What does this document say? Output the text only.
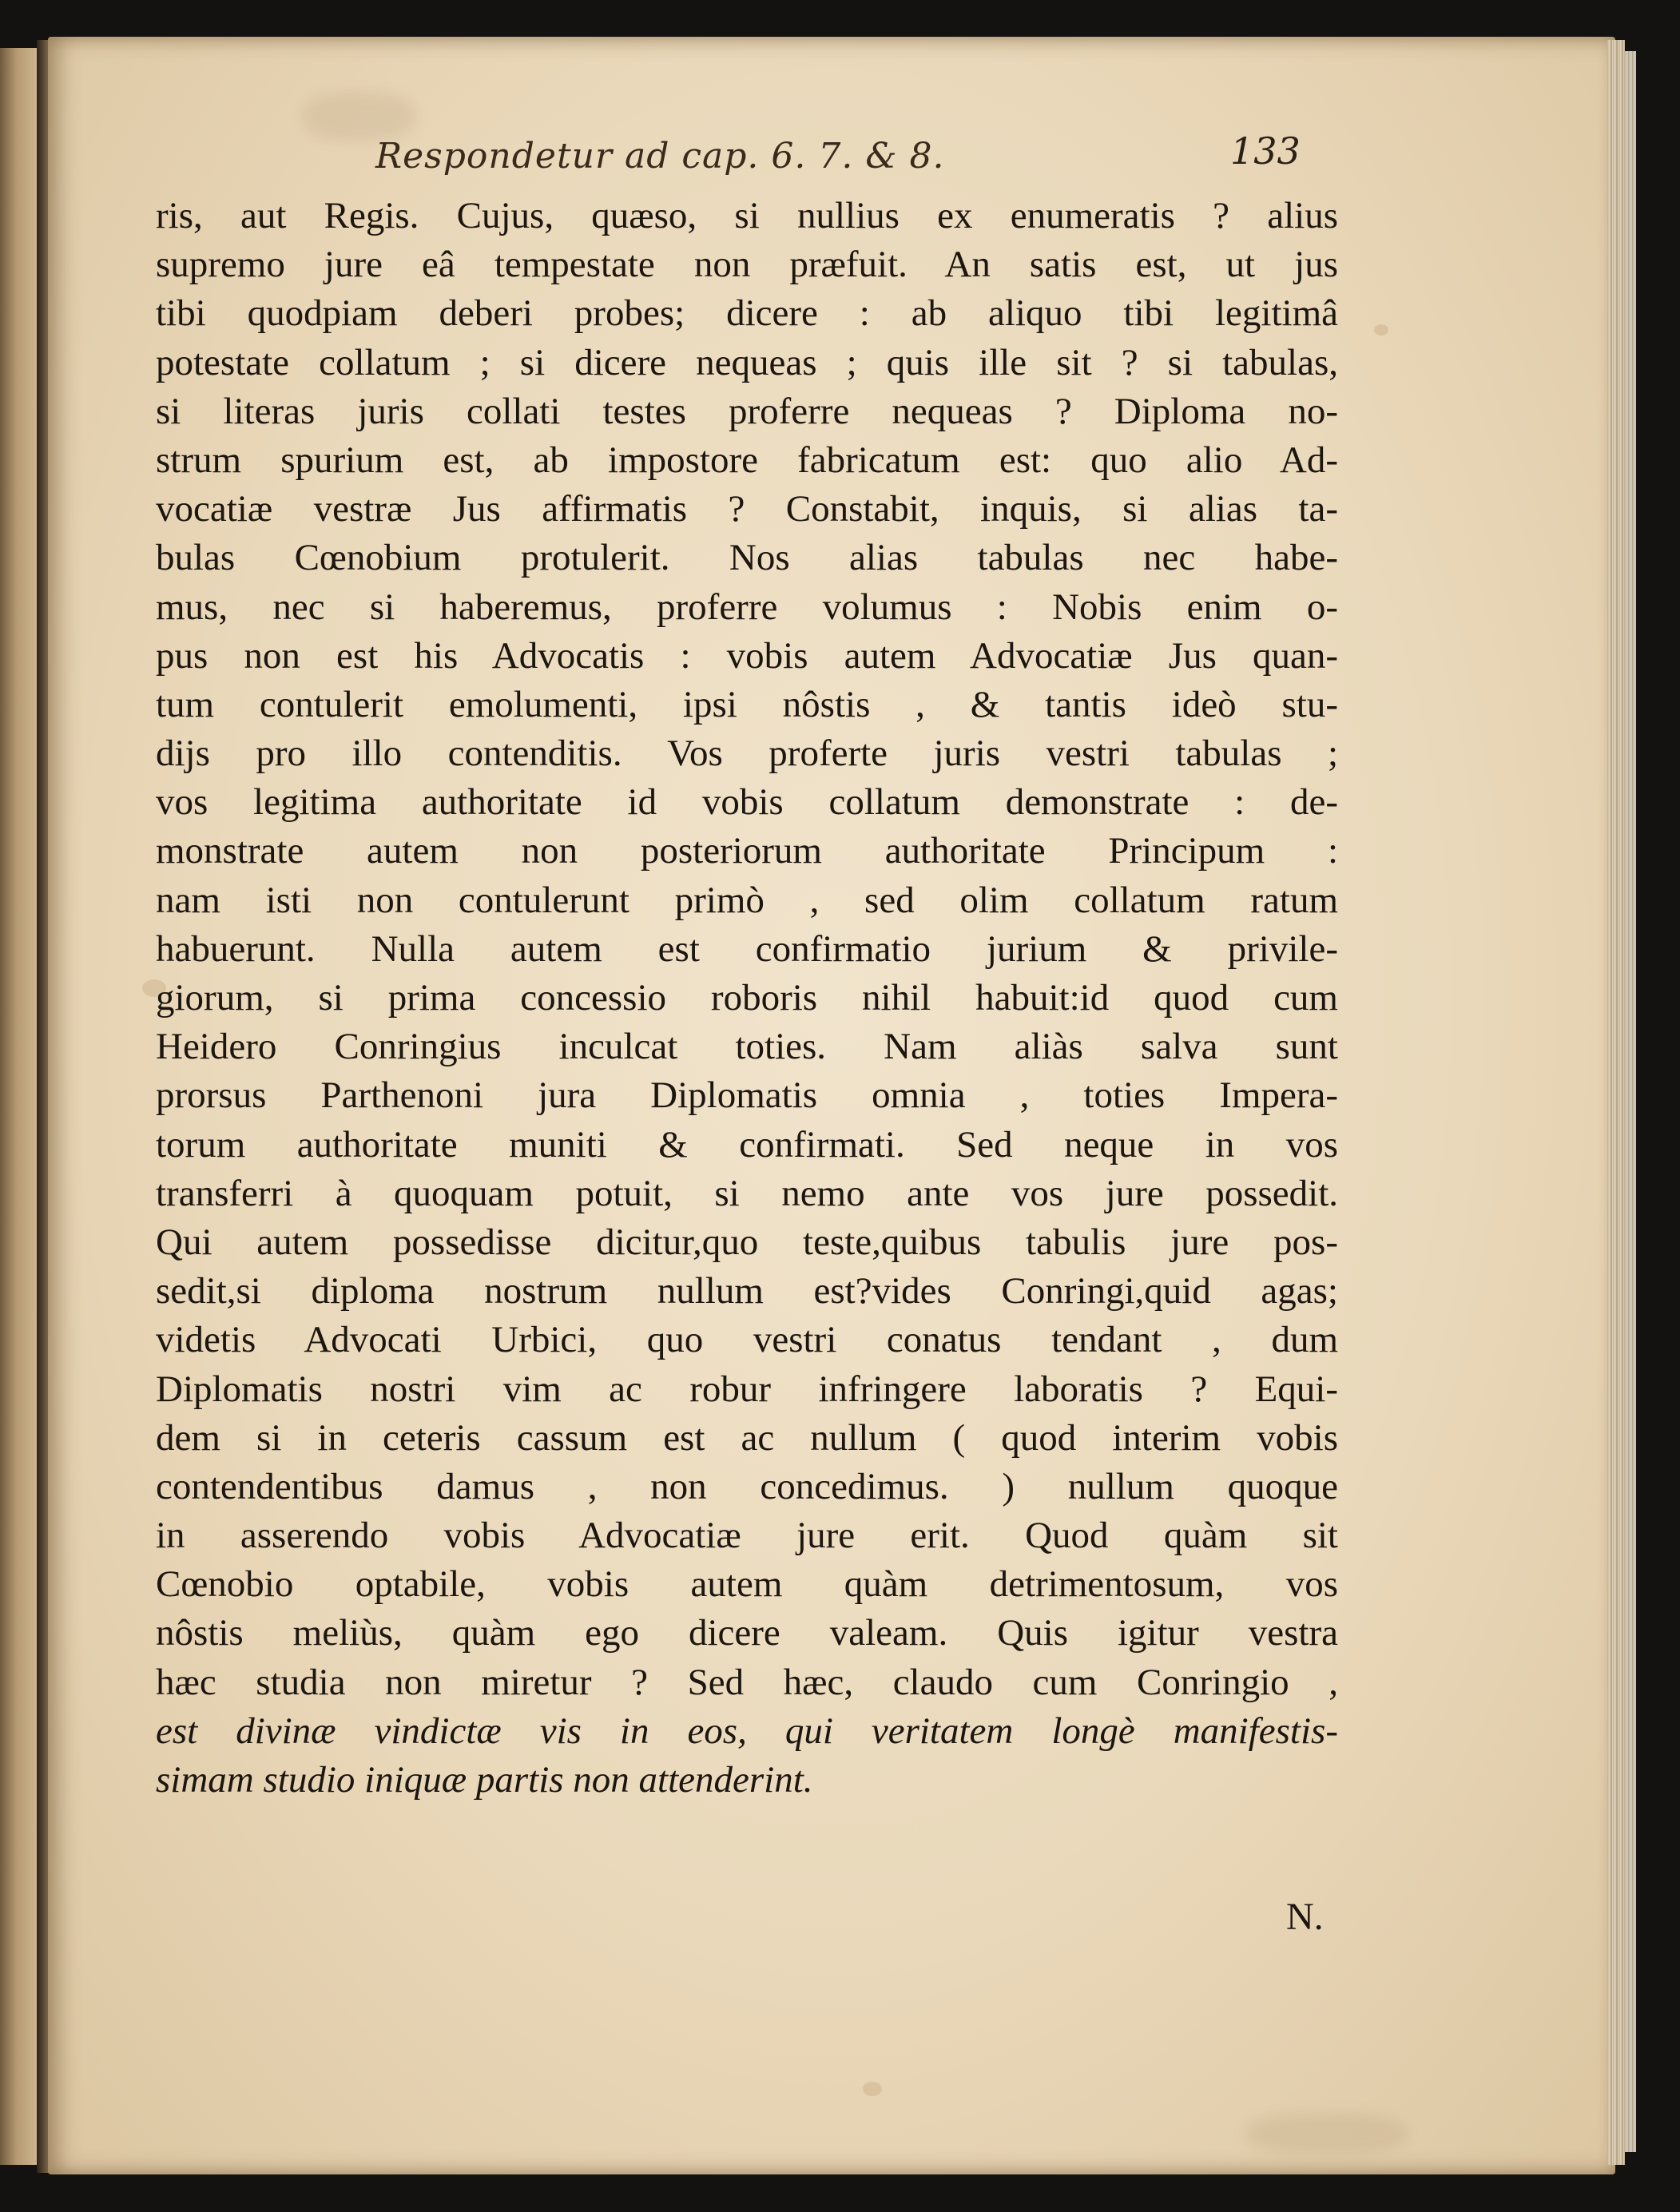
Respondetur ad cap. 6. 7. & 8.	133
ris, aut Regis. Cujus, quæso, si nullius ex enumeratis ? alius
supremo jure eâ tempestate non præfuit. An satis est, ut jus
tibi quodpiam deberi probes; dicere : ab aliquo tibi legitimâ
potestate collatum ; si dicere nequeas ; quis ille sit ? si tabulas,
si literas juris collati testes proferre nequeas ? Diploma no-
strum spurium est, ab impostore fabricatum est: quo alio Ad-
vocatiæ vestræ Jus affirmatis ? Constabit, inquis, si alias ta-
bulas Cœnobium protulerit. Nos alias tabulas nec habe-
mus, nec si haberemus, proferre volumus : Nobis enim o-
pus non est his Advocatis : vobis autem Advocatiæ Jus quan-
tum contulerit emolumenti, ipsi nôstis , & tantis ideò stu-
dijs pro illo contenditis. Vos proferte juris vestri tabulas ;
vos legitima authoritate id vobis collatum demonstrate : de-
monstrate autem non posteriorum authoritate Principum :
nam isti non contulerunt primò , sed olim collatum ratum
habuerunt. Nulla autem est confirmatio jurium & privile-
giorum, si prima concessio roboris nihil habuit:id quod cum
Heidero Conringius inculcat toties. Nam aliàs salva sunt
prorsus Parthenoni jura Diplomatis omnia , toties Impera-
torum authoritate muniti & confirmati. Sed neque in vos
transferri à quoquam potuit, si nemo ante vos jure possedit.
Qui autem possedisse dicitur,quo teste,quibus tabulis jure pos-
sedit,si diploma nostrum nullum est?vides Conringi,quid agas;
videtis Advocati Urbici, quo vestri conatus tendant , dum
Diplomatis nostri vim ac robur infringere laboratis ? Equi-
dem si in ceteris cassum est ac nullum ( quod interim vobis
contendentibus damus , non concedimus. ) nullum quoque
in asserendo vobis Advocatiæ jure erit. Quod quàm sit
Cœnobio optabile, vobis autem quàm detrimentosum, vos
nôstis meliùs, quàm ego dicere valeam. Quis igitur vestra
hæc studia non miretur ? Sed hæc, claudo cum Conringio ,
est divinæ vindictæ vis in eos, qui veritatem longè manifestis-
simam studio iniquæ partis non attenderint.
N.
